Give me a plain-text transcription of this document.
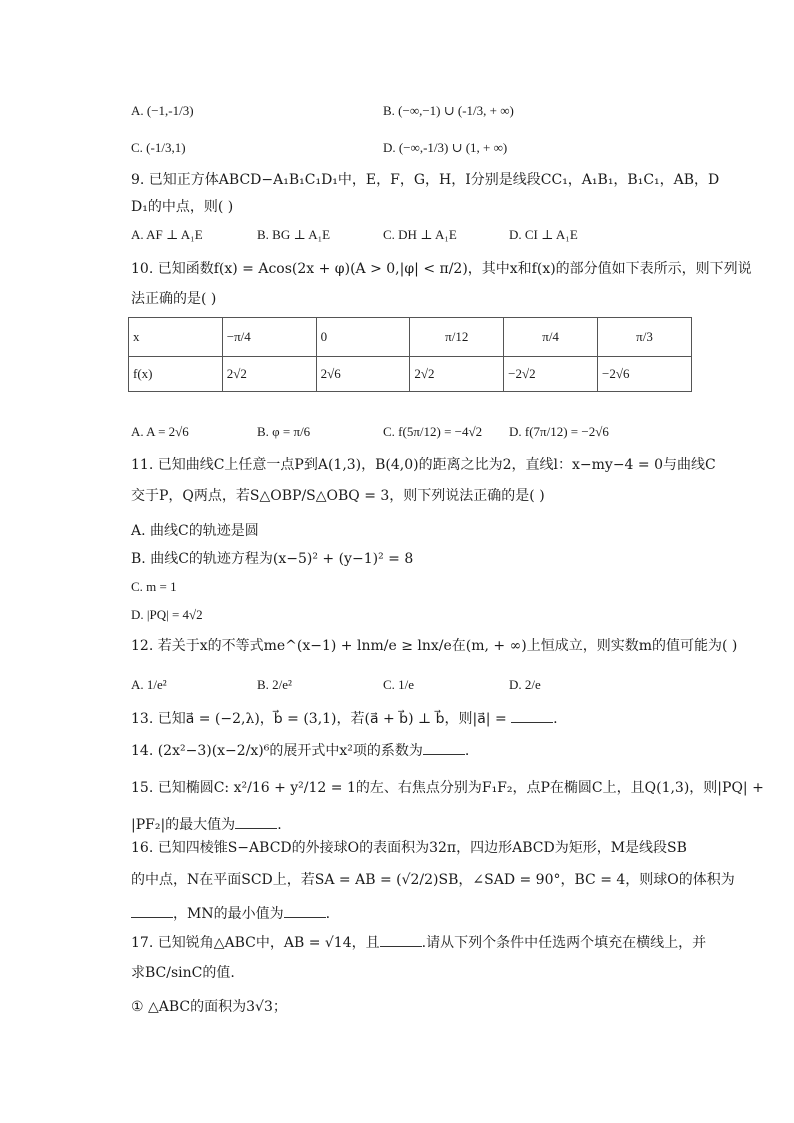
A. (−1,-1/3)	B. (−∞,−1) ∪ (-1/3, + ∞)
C. (-1/3,1)	D. (−∞,-1/3) ∪ (1, + ∞)
9. 已知正方体ABCD−A₁B₁C₁D₁中，E，F，G，H，I分别是线段CC₁，A₁B₁，B₁C₁，AB，D
D₁的中点，则( )
A. AF ⊥ A₁E	B. BG ⊥ A₁E	C. DH ⊥ A₁E	D. CI ⊥ A₁E
10. 已知函数f(x) = Acos(2x + φ)(A > 0,|φ| < π/2)，其中x和f(x)的部分值如下表所示，则下列说
法正确的是( )
x	−π/4	0	π/12	π/4	π/3
f(x)	2√2	2√6	2√2	−2√2	−2√6
A. A = 2√6	B. φ = π/6	C. f(5π/12) = −4√2 D. f(7π/12) = −2√6
11. 已知曲线C上任意一点P到A(1,3)，B(4,0)的距离之比为2，直线l：x−my−4 = 0与曲线C
交于P，Q两点，若S△OBP/S△OBQ = 3，则下列说法正确的是( )
A. 曲线C的轨迹是圆
B. 曲线C的轨迹方程为(x−5)² + (y−1)² = 8
C. m = 1
D. |PQ| = 4√2
12. 若关于x的不等式me^(x−1) + lnm/e ≥ lnx/e在(m, + ∞)上恒成立，则实数m的值可能为( )
A. 1/e²	B. 2/e²	C. 1/e	D. 2/e
13. 已知a⃗ = (−2,λ)，b⃗ = (3,1)，若(a⃗ + b⃗) ⊥ b⃗，则|a⃗| =	.
14. (2x²−3)(x−2/x)⁶的展开式中x²项的系数为	.
15. 已知椭圆C: x²/16 + y²/12 = 1的左、右焦点分别为F₁F₂，点P在椭圆C上，且Q(1,3)，则|PQ| +
|PF₂|的最大值为	.
16. 已知四棱锥S−ABCD的外接球O的表面积为32π，四边形ABCD为矩形，M是线段SB
的中点，N在平面SCD上，若SA = AB = (√2/2)SB，∠SAD = 90°，BC = 4，则球O的体积为
，MN的最小值为	.
17. 已知锐角△ABC中，AB = √14，且	.请从下列个条件中任选两个填充在横线上，并
求BC/sinC的值.
① △ABC的面积为3√3；
